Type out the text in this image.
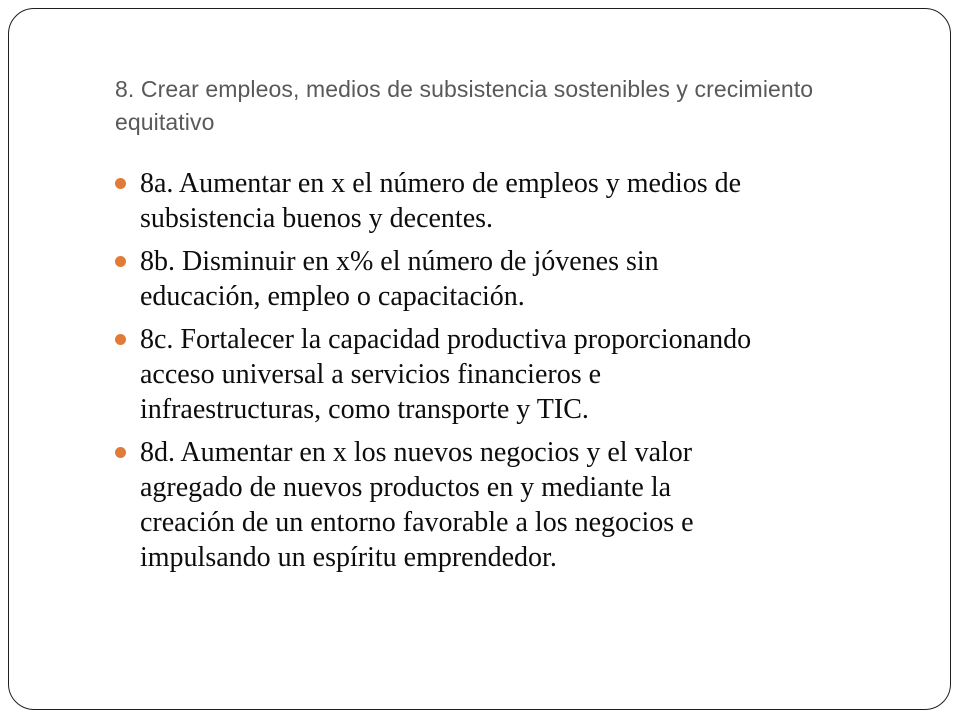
8. Crear empleos, medios de subsistencia sostenibles y crecimiento equitativo
8a. Aumentar en x el número de empleos y medios de subsistencia buenos y decentes.
8b. Disminuir en x% el número de jóvenes sin educación, empleo o capacitación.
8c. Fortalecer la capacidad productiva proporcionando acceso universal a servicios financieros e infraestructuras, como transporte y TIC.
8d. Aumentar en x los nuevos negocios y el valor agregado de nuevos productos en y mediante la creación de un entorno favorable a los negocios e impulsando un espíritu emprendedor.
